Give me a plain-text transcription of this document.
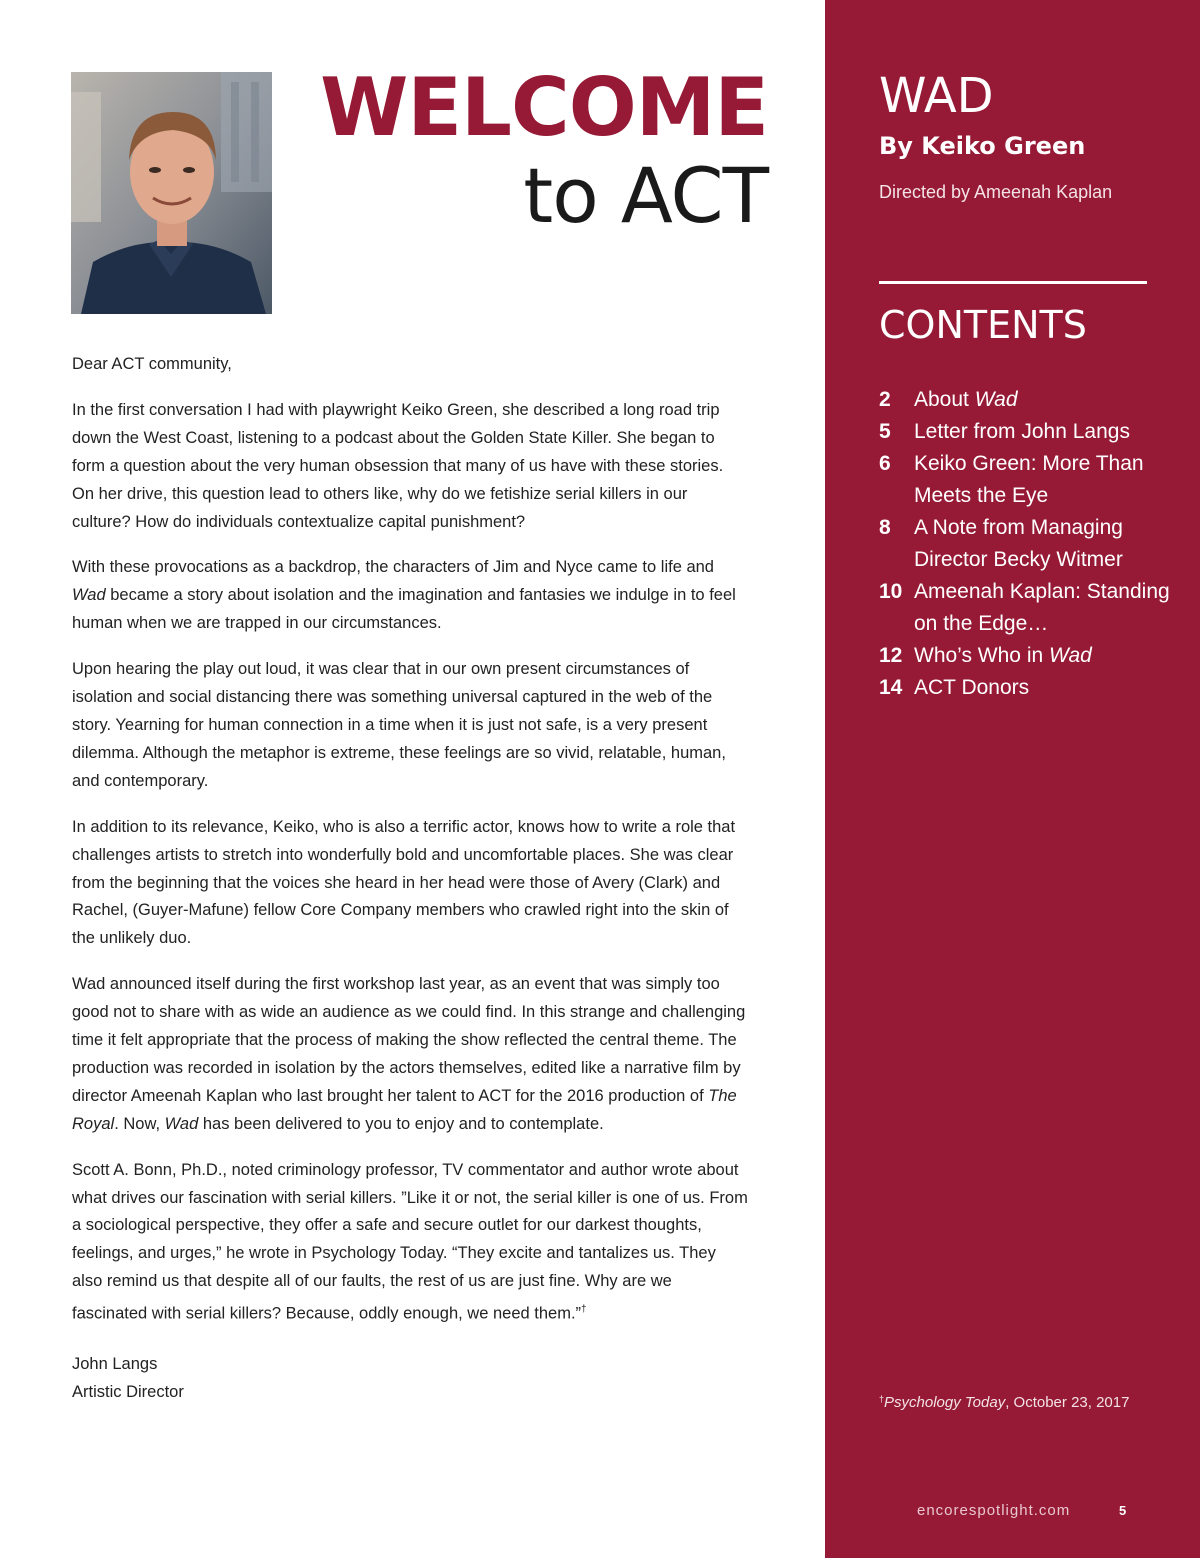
WELCOME
to ACT

Dear ACT community,

In the first conversation I had with playwright Keiko Green, she described a long road trip down the West Coast, listening to a podcast about the Golden State Killer. She began to form a question about the very human obsession that many of us have with these stories. On her drive, this question lead to others like, why do we fetishize serial killers in our culture? How do individuals contextualize capital punishment?

With these provocations as a backdrop, the characters of Jim and Nyce came to life and Wad became a story about isolation and the imagination and fantasies we indulge in to feel human when we are trapped in our circumstances.

Upon hearing the play out loud, it was clear that in our own present circumstances of isolation and social distancing there was something universal captured in the web of the story. Yearning for human connection in a time when it is just not safe, is a very present dilemma. Although the metaphor is extreme, these feelings are so vivid, relatable, human, and contemporary.

In addition to its relevance, Keiko, who is also a terrific actor, knows how to write a role that challenges artists to stretch into wonderfully bold and uncomfortable places. She was clear from the beginning that the voices she heard in her head were those of Avery (Clark) and Rachel, (Guyer-Mafune) fellow Core Company members who crawled right into the skin of the unlikely duo.

Wad announced itself during the first workshop last year, as an event that was simply too good not to share with as wide an audience as we could find. In this strange and challenging time it felt appropriate that the process of making the show reflected the central theme. The production was recorded in isolation by the actors themselves, edited like a narrative film by director Ameenah Kaplan who last brought her talent to ACT for the 2016 production of The Royal. Now, Wad has been delivered to you to enjoy and to contemplate.

Scott A. Bonn, Ph.D., noted criminology professor, TV commentator and author wrote about what drives our fascination with serial killers. ”Like it or not, the serial killer is one of us. From a sociological perspective, they offer a safe and secure outlet for our darkest thoughts, feelings, and urges,” he wrote in Psychology Today. “They excite and tantalizes us. They also remind us that despite all of our faults, the rest of us are just fine. Why are we fascinated with serial killers? Because, oddly enough, we need them.”†

John Langs
Artistic Director
WAD
By Keiko Green
Directed by Ameenah Kaplan
CONTENTS
2	About Wad
5	Letter from John Langs
6	Keiko Green: More Than Meets the Eye
8	A Note from Managing Director Becky Witmer
10 Ameenah Kaplan: Standing on the Edge…
12 Who’s Who in Wad
14 ACT Donors
†Psychology Today, October 23, 2017
encorespotlight.com	5
